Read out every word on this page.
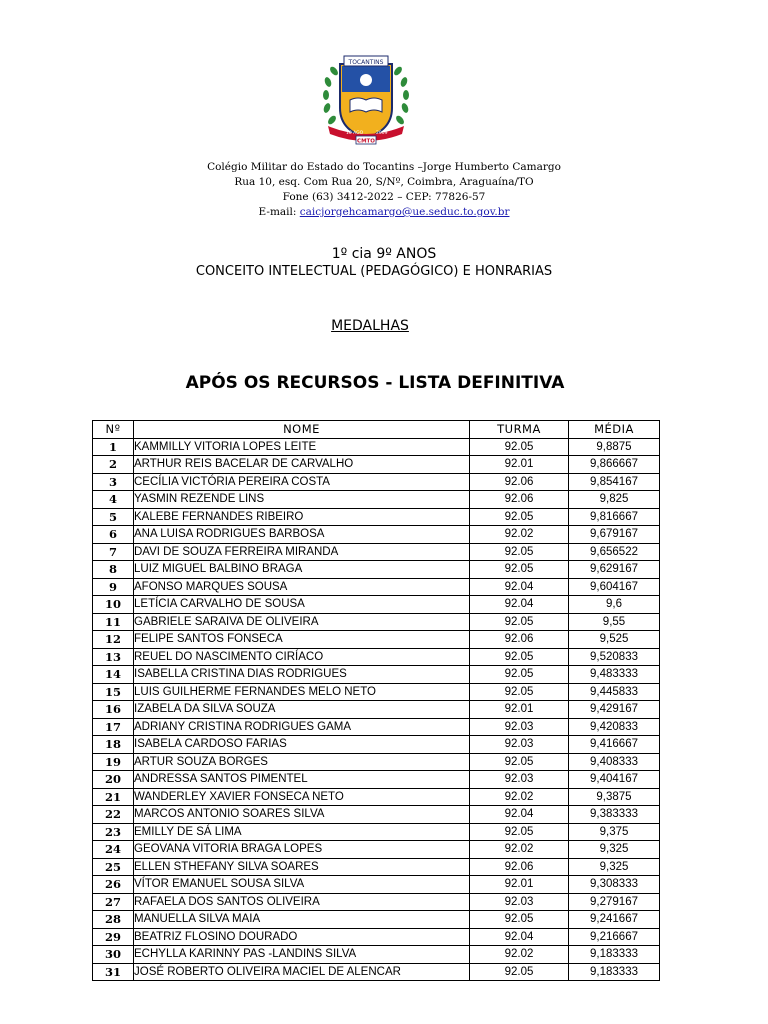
TOCANTINS
10 AGO	2009
CMTO
Colégio Militar do Estado do Tocantins –Jorge Humberto Camargo
Rua 10, esq. Com Rua 20, S/Nº, Coimbra, Araguaína/TO
Fone (63) 3412-2022 – CEP: 77826-57
E-mail: caicjorgehcamargo@ue.seduc.to.gov.br
1º cia 9º ANOS
CONCEITO INTELECTUAL (PEDAGÓGICO) E HONRARIAS
MEDALHAS
APÓS OS RECURSOS - LISTA DEFINITIVA
Nº	NOME	TURMA	MÉDIA
1	KAMMILLY VITORIA LOPES LEITE	92.05	9,8875
2	ARTHUR REIS BACELAR DE CARVALHO	92.01	9,866667
3	CECÍLIA VICTÓRIA PEREIRA COSTA	92.06	9,854167
4	YASMIN REZENDE LINS	92.06	9,825
5	KALEBE FERNANDES RIBEIRO	92.05	9,816667
6	ANA LUISA RODRIGUES BARBOSA	92.02	9,679167
7	DAVI DE SOUZA FERREIRA MIRANDA	92.05	9,656522
8	LUIZ MIGUEL BALBINO BRAGA	92.05	9,629167
9	AFONSO MARQUES SOUSA	92.04	9,604167
10	LETÍCIA CARVALHO DE SOUSA	92.04	9,6
11	GABRIELE SARAIVA DE OLIVEIRA	92.05	9,55
12	FELIPE SANTOS FONSECA	92.06	9,525
13	REUEL DO NASCIMENTO CIRÍACO	92.05	9,520833
14	ISABELLA CRISTINA DIAS RODRIGUES	92.05	9,483333
15	LUIS GUILHERME FERNANDES MELO NETO	92.05	9,445833
16	IZABELA DA SILVA SOUZA	92.01	9,429167
17	ADRIANY CRISTINA RODRIGUES GAMA	92.03	9,420833
18	ISABELA CARDOSO FARIAS	92.03	9,416667
19	ARTUR SOUZA BORGES	92.05	9,408333
20	ANDRESSA SANTOS PIMENTEL	92.03	9,404167
21	WANDERLEY XAVIER FONSECA NETO	92.02	9,3875
22	MARCOS ANTONIO SOARES SILVA	92.04	9,383333
23	EMILLY DE SÁ LIMA	92.05	9,375
24	GEOVANA VITORIA BRAGA LOPES	92.02	9,325
25	ELLEN STHEFANY SILVA SOARES	92.06	9,325
26	VÍTOR EMANUEL SOUSA SILVA	92.01	9,308333
27	RAFAELA DOS SANTOS OLIVEIRA	92.03	9,279167
28	MANUELLA SILVA MAIA	92.05	9,241667
29	BEATRIZ FLOSINO DOURADO	92.04	9,216667
30	ECHYLLA KARINNY PAS -LANDINS SILVA	92.02	9,183333
31	JOSÉ ROBERTO OLIVEIRA MACIEL DE ALENCAR	92.05	9,183333
